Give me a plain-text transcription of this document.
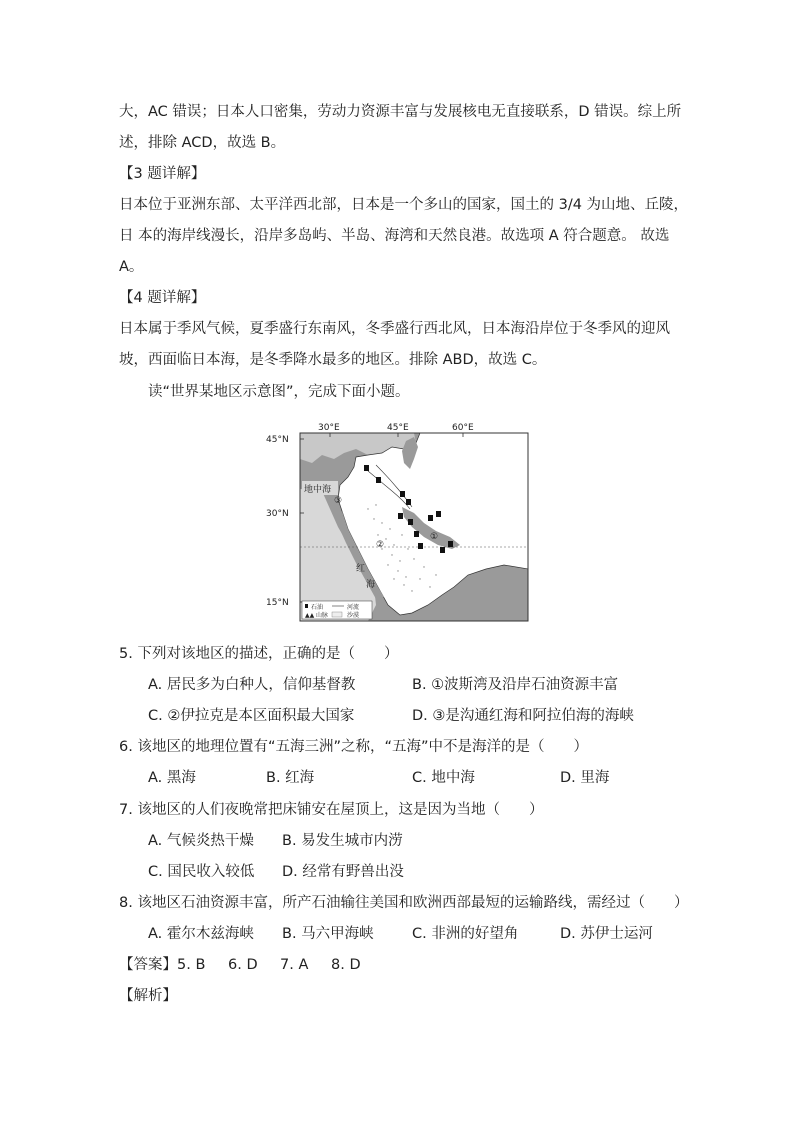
大，AC 错误；日本人口密集，劳动力资源丰富与发展核电无直接联系，D 错误。综上所
述，排除 ACD，故选 B。
【3 题详解】
日本位于亚洲东部、太平洋西北部，日本是一个多山的国家，国土的 3/4 为山地、丘陵，
日 本的海岸线漫长，沿岸多岛屿、半岛、海湾和天然良港。故选项 A 符合题意。 故选
A。
【4 题详解】
日本属于季风气候，夏季盛行东南风，冬季盛行西北风，日本海沿岸位于冬季风的迎风
坡，西面临日本海，是冬季降水最多的地区。排除 ABD，故选 C。
读“世界某地区示意图”，完成下面小题。
30°E	45°E	60°E
45°N
30°N
15°N
地中海
红
海
①
②
③
石油	河流
▲▲ 山脉	沙漠
5. 下列对该地区的描述，正确的是（　　）
A. 居民多为白种人，信仰基督教	B. ①波斯湾及沿岸石油资源丰富
C. ②伊拉克是本区面积最大国家	D. ③是沟通红海和阿拉伯海的海峡
6. 该地区的地理位置有“五海三洲”之称，“五海”中不是海洋的是（　　）
A. 黑海	B. 红海	C. 地中海	D. 里海
7. 该地区的人们夜晚常把床铺安在屋顶上，这是因为当地（　　）
A. 气候炎热干燥 B. 易发生城市内涝
C. 国民收入较低 D. 经常有野兽出没
8. 该地区石油资源丰富，所产石油输往美国和欧洲西部最短的运输路线，需经过（　　）
A. 霍尔木兹海峡 B. 马六甲海峡	C. 非洲的好望角	D. 苏伊士运河
【答案】 5. B 6. D 7. A 8. D
【解析】
